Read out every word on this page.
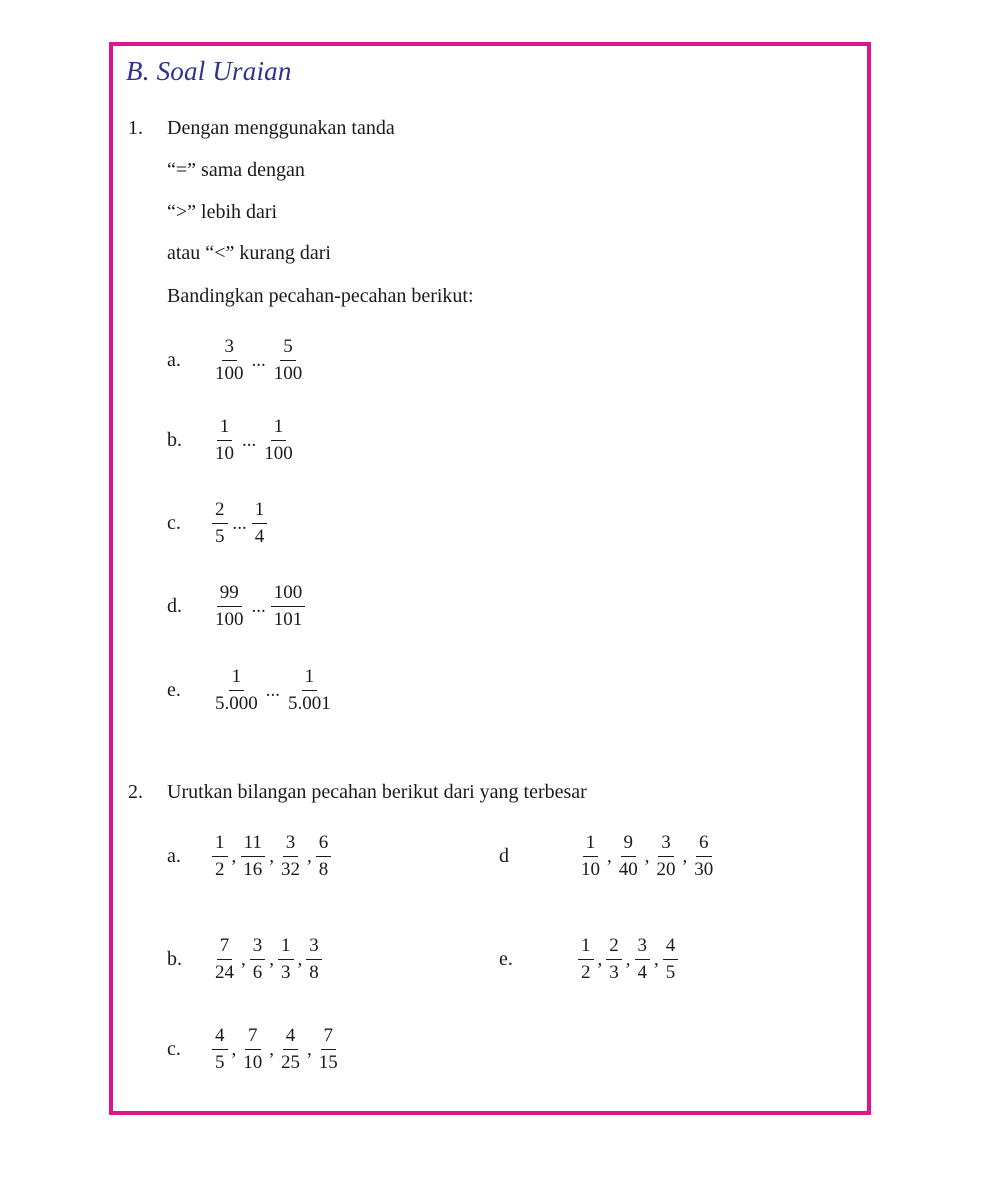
B. Soal Uraian
1. Dengan menggunakan tanda
“=” sama dengan
“>” lebih dari
atau “<” kurang dari
Bandingkan pecahan-pecahan berikut:
a.	$\frac{3}{100}$ ... $\frac{5}{100}$
b.	$\frac{1}{10}$ ... $\frac{1}{100}$
c.	$\frac{2}{5}$ ... $\frac{1}{4}$
d.	$\frac{99}{100}$ ... $\frac{100}{101}$
e.	$\frac{1}{5.000}$ ... $\frac{1}{5.001}$
2. Urutkan bilangan pecahan berikut dari yang terbesar
a.	$\frac{1}{2}$ , $\frac{11}{16}$ , $\frac{3}{32}$ , $\frac{6}{8}$
b.	$\frac{7}{24}$ , $\frac{3}{6}$ , $\frac{1}{3}$ , $\frac{3}{8}$
c.	$\frac{4}{5}$ , $\frac{7}{10}$ , $\frac{4}{25}$ , $\frac{7}{15}$
d	$\frac{1}{10}$ , $\frac{9}{40}$ , $\frac{3}{20}$ , $\frac{6}{30}$
e.	$\frac{1}{2}$ , $\frac{2}{3}$ , $\frac{3}{4}$ , $\frac{4}{5}$
